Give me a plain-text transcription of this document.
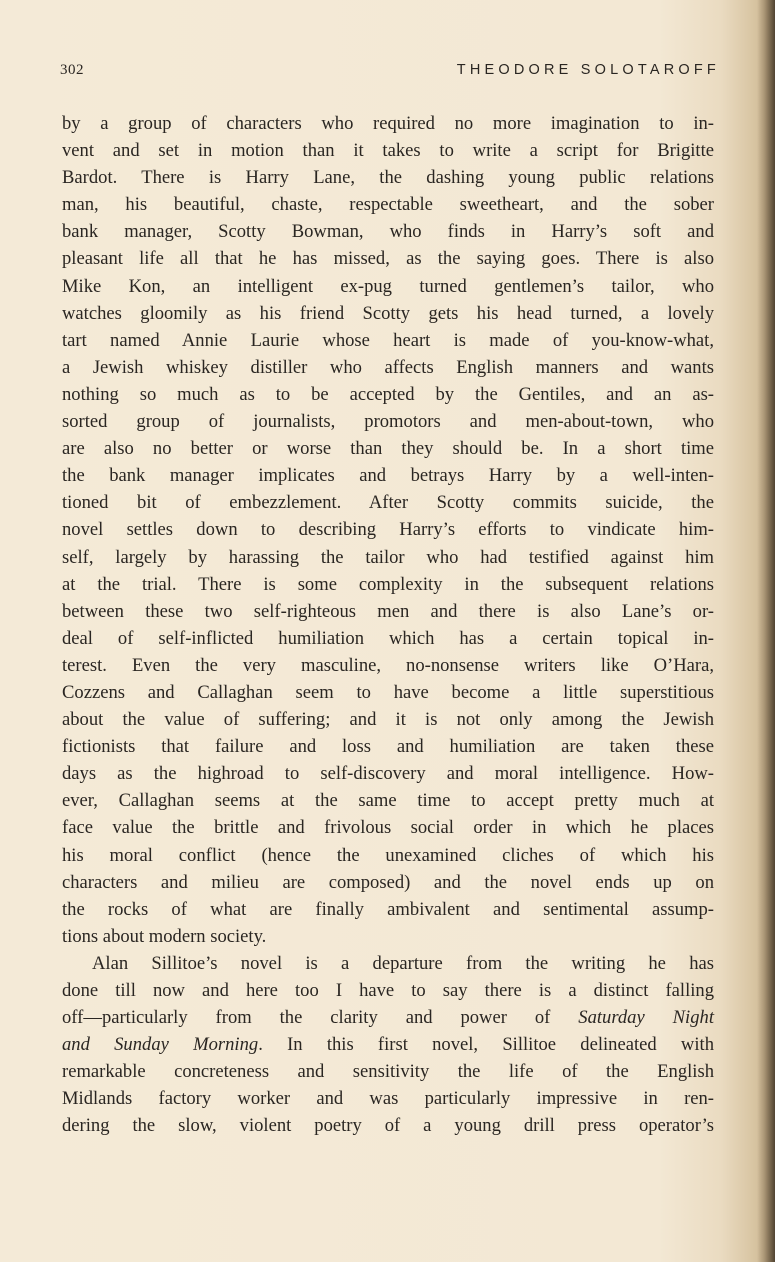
302	THEODORE SOLOTAROFF
by a group of characters who required no more imagination to in-
vent and set in motion than it takes to write a script for Brigitte
Bardot. There is Harry Lane, the dashing young public relations
man, his beautiful, chaste, respectable sweetheart, and the sober
bank manager, Scotty Bowman, who finds in Harry’s soft and
pleasant life all that he has missed, as the saying goes. There is also
Mike Kon, an intelligent ex-pug turned gentlemen’s tailor, who
watches gloomily as his friend Scotty gets his head turned, a lovely
tart named Annie Laurie whose heart is made of you-know-what,
a Jewish whiskey distiller who affects English manners and wants
nothing so much as to be accepted by the Gentiles, and an as-
sorted group of journalists, promotors and men-about-town, who
are also no better or worse than they should be. In a short time
the bank manager implicates and betrays Harry by a well-inten-
tioned bit of embezzlement. After Scotty commits suicide, the
novel settles down to describing Harry’s efforts to vindicate him-
self, largely by harassing the tailor who had testified against him
at the trial. There is some complexity in the subsequent relations
between these two self-righteous men and there is also Lane’s or-
deal of self-inflicted humiliation which has a certain topical in-
terest. Even the very masculine, no-nonsense writers like O’Hara,
Cozzens and Callaghan seem to have become a little superstitious
about the value of suffering; and it is not only among the Jewish
fictionists that failure and loss and humiliation are taken these
days as the highroad to self-discovery and moral intelligence. How-
ever, Callaghan seems at the same time to accept pretty much at
face value the brittle and frivolous social order in which he places
his moral conflict (hence the unexamined cliches of which his
characters and milieu are composed) and the novel ends up on
the rocks of what are finally ambivalent and sentimental assump-
tions about modern society.
Alan Sillitoe’s novel is a departure from the writing he has
done till now and here too I have to say there is a distinct falling
off—particularly from the clarity and power of Saturday Night
and Sunday Morning. In this first novel, Sillitoe delineated with
remarkable concreteness and sensitivity the life of the English
Midlands factory worker and was particularly impressive in ren-
dering the slow, violent poetry of a young drill press operator’s
